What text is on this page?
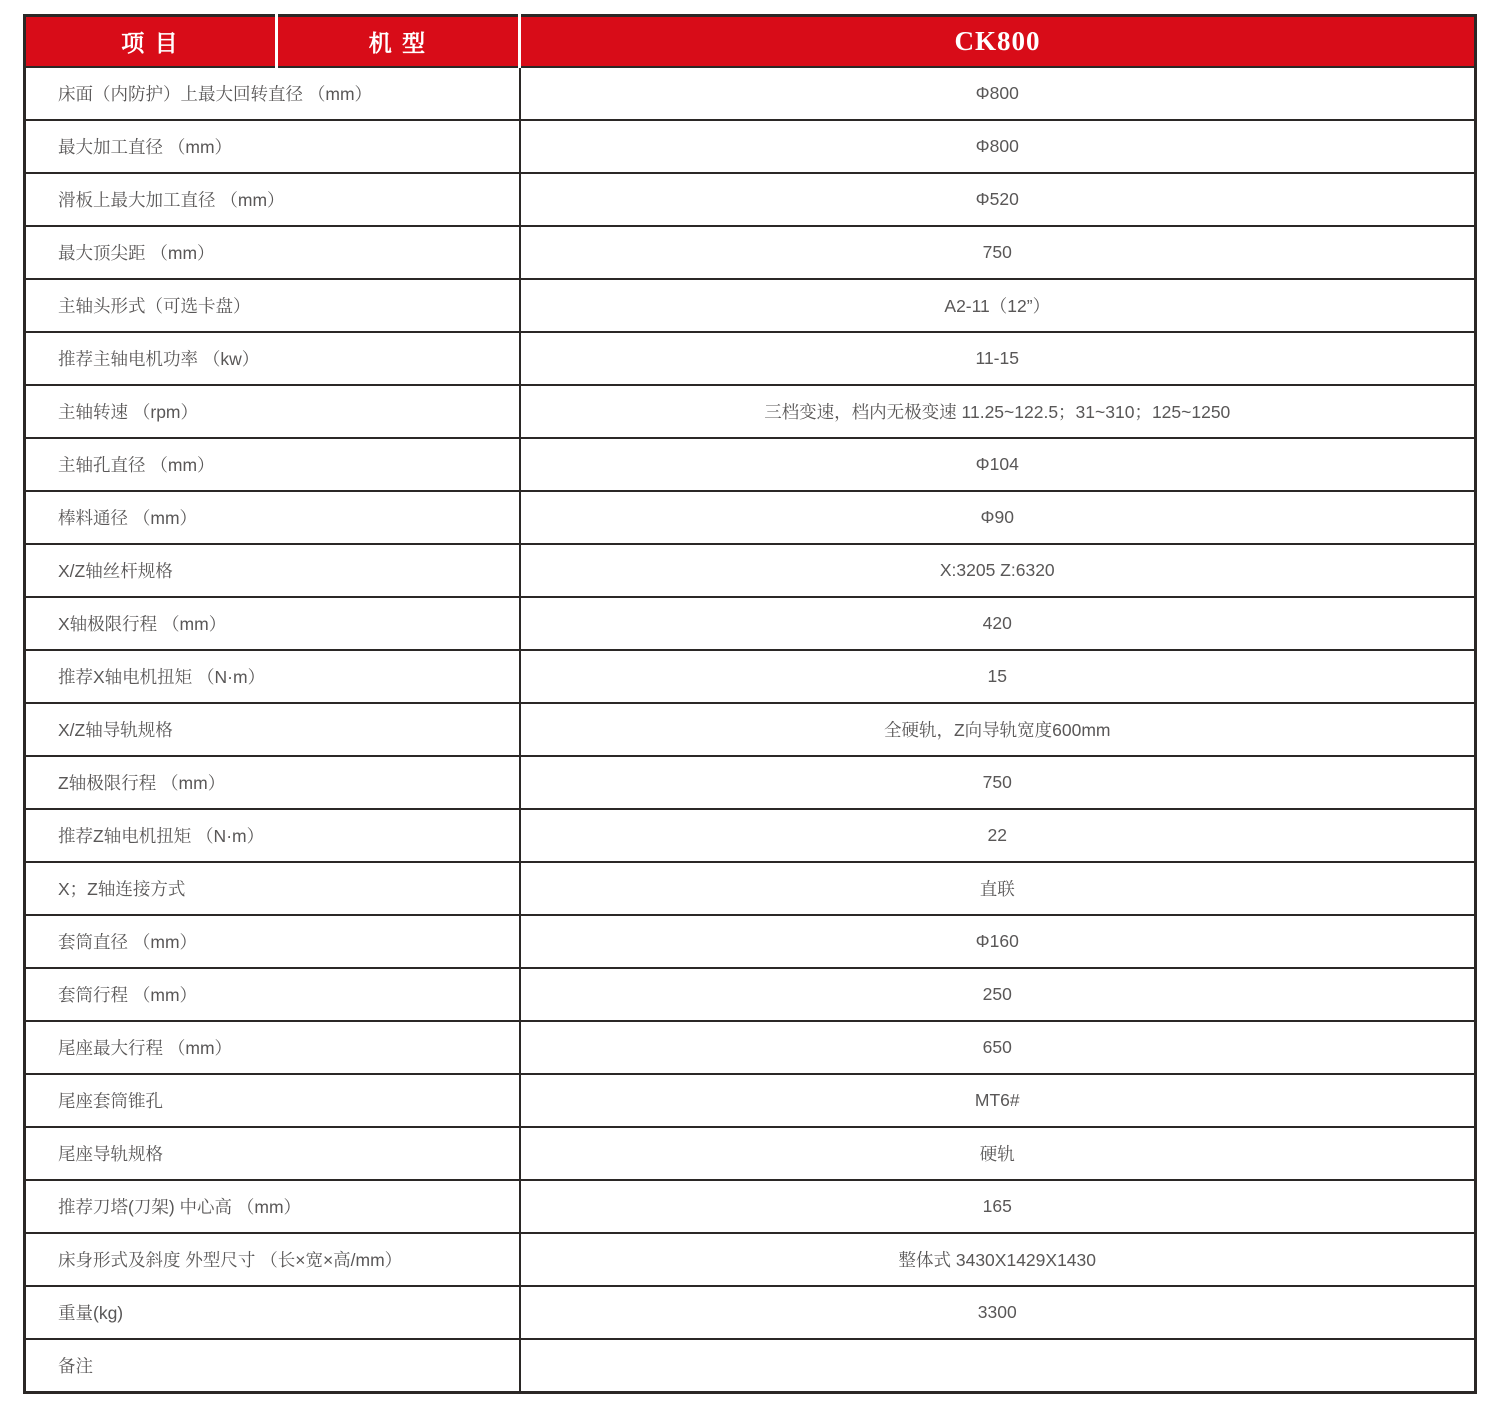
项 目	机 型	CK800
床面（内防护）上最大回转直径 （mm）		Φ800
最大加工直径 （mm）		Φ800
滑板上最大加工直径 （mm）		Φ520
最大顶尖距 （mm）		750
主轴头形式（可选卡盘）		A2-11（12”）
推荐主轴电机功率 （kw）		11-15
主轴转速 （rpm）		三档变速，档内无极变速 11.25~122.5；31~310；125~1250
主轴孔直径 （mm）		Φ104
棒料通径 （mm）		Φ90
X/Z轴丝杆规格		X:3205 Z:6320
X轴极限行程 （mm）		420
推荐X轴电机扭矩 （N·m）		15
X/Z轴导轨规格		全硬轨，Z向导轨宽度600mm
Z轴极限行程 （mm）		750
推荐Z轴电机扭矩 （N·m）		22
X；Z轴连接方式		直联
套筒直径 （mm）		Φ160
套筒行程 （mm）		250
尾座最大行程 （mm）		650
尾座套筒锥孔		MT6#
尾座导轨规格		硬轨
推荐刀塔(刀架) 中心高 （mm）		165
床身形式及斜度 外型尺寸 （长×宽×高/mm）		整体式 3430X1429X1430
重量(kg)		3300
备注		
